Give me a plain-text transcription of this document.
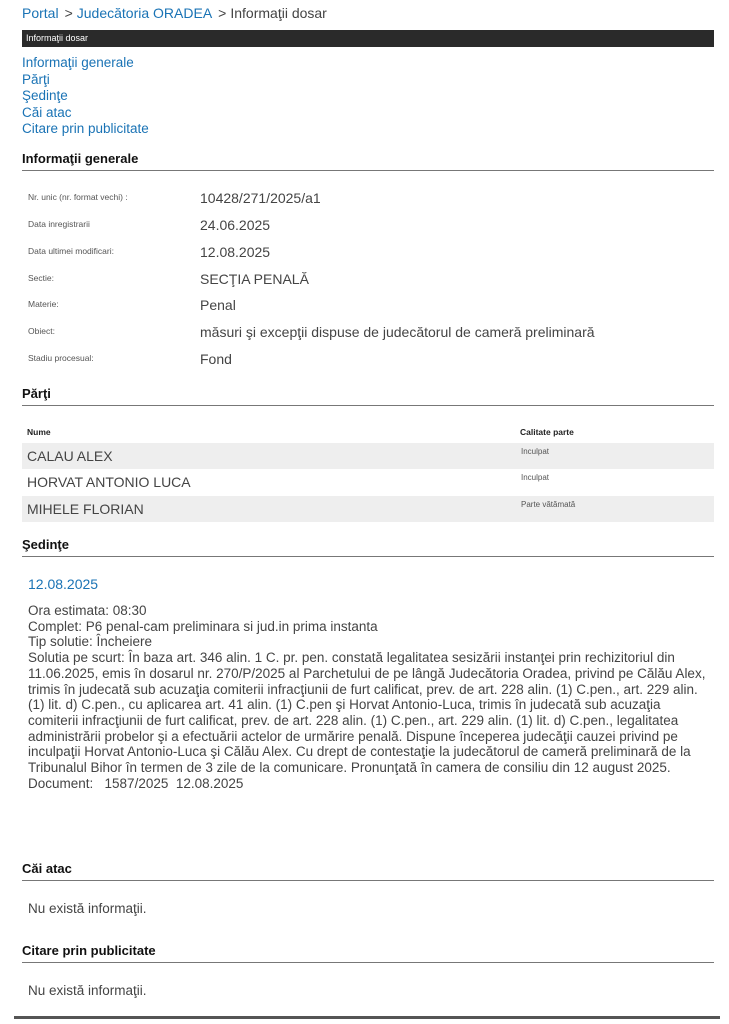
Portal > Judecătoria ORADEA > Informaţii dosar
Informaţii dosar
Informaţii generale
Părţi
Şedinţe
Căi atac
Citare prin publicitate
Informaţii generale
Nr. unic (nr. format vechi) :	10428/271/2025/a1
Data inregistrarii	24.06.2025
Data ultimei modificari:	12.08.2025
Sectie:	SECŢIA PENALĂ
Materie:	Penal
Obiect:	măsuri şi excepţii dispuse de judecătorul de cameră preliminară
Stadiu procesual:	Fond
Părţi
Nume	Calitate parte
CALAU ALEX	Inculpat
HORVAT ANTONIO LUCA	Inculpat
MIHELE FLORIAN	Parte vătămată
Şedinţe
12.08.2025

Ora estimata: 08:30

Complet: P6 penal-cam preliminara si jud.in prima instanta

Tip solutie: Încheiere

Solutia pe scurt: În baza art. 346 alin. 1 C. pr. pen. constată legalitatea sesizării instanţei prin rechizitoriul din 11.06.2025, emis în dosarul nr. 270/P/2025 al Parchetului de pe lângă Judecătoria Oradea, privind pe Călău Alex, trimis în judecată sub acuzaţia comiterii infracţiunii de furt calificat, prev. de art. 228 alin. (1) C.pen., art. 229 alin. (1) lit. d) C.pen., cu aplicarea art. 41 alin. (1) C.pen şi Horvat Antonio-Luca, trimis în judecată sub acuzaţia comiterii infracţiunii de furt calificat, prev. de art. 228 alin. (1) C.pen., art. 229 alin. (1) lit. d) C.pen., legalitatea administrării probelor şi a efectuării actelor de urmărire penală. Dispune începerea judecăţii cauzei privind pe inculpaţii Horvat Antonio-Luca şi Călău Alex. Cu drept de contestaţie la judecătorul de cameră preliminară de la Tribunalul Bihor în termen de 3 zile de la comunicare. Pronunţată în camera de consiliu din 12 august 2025.

Document:   1587/2025  12.08.2025

Căi atac
Nu există informaţii.
Citare prin publicitate
Nu există informaţii.
